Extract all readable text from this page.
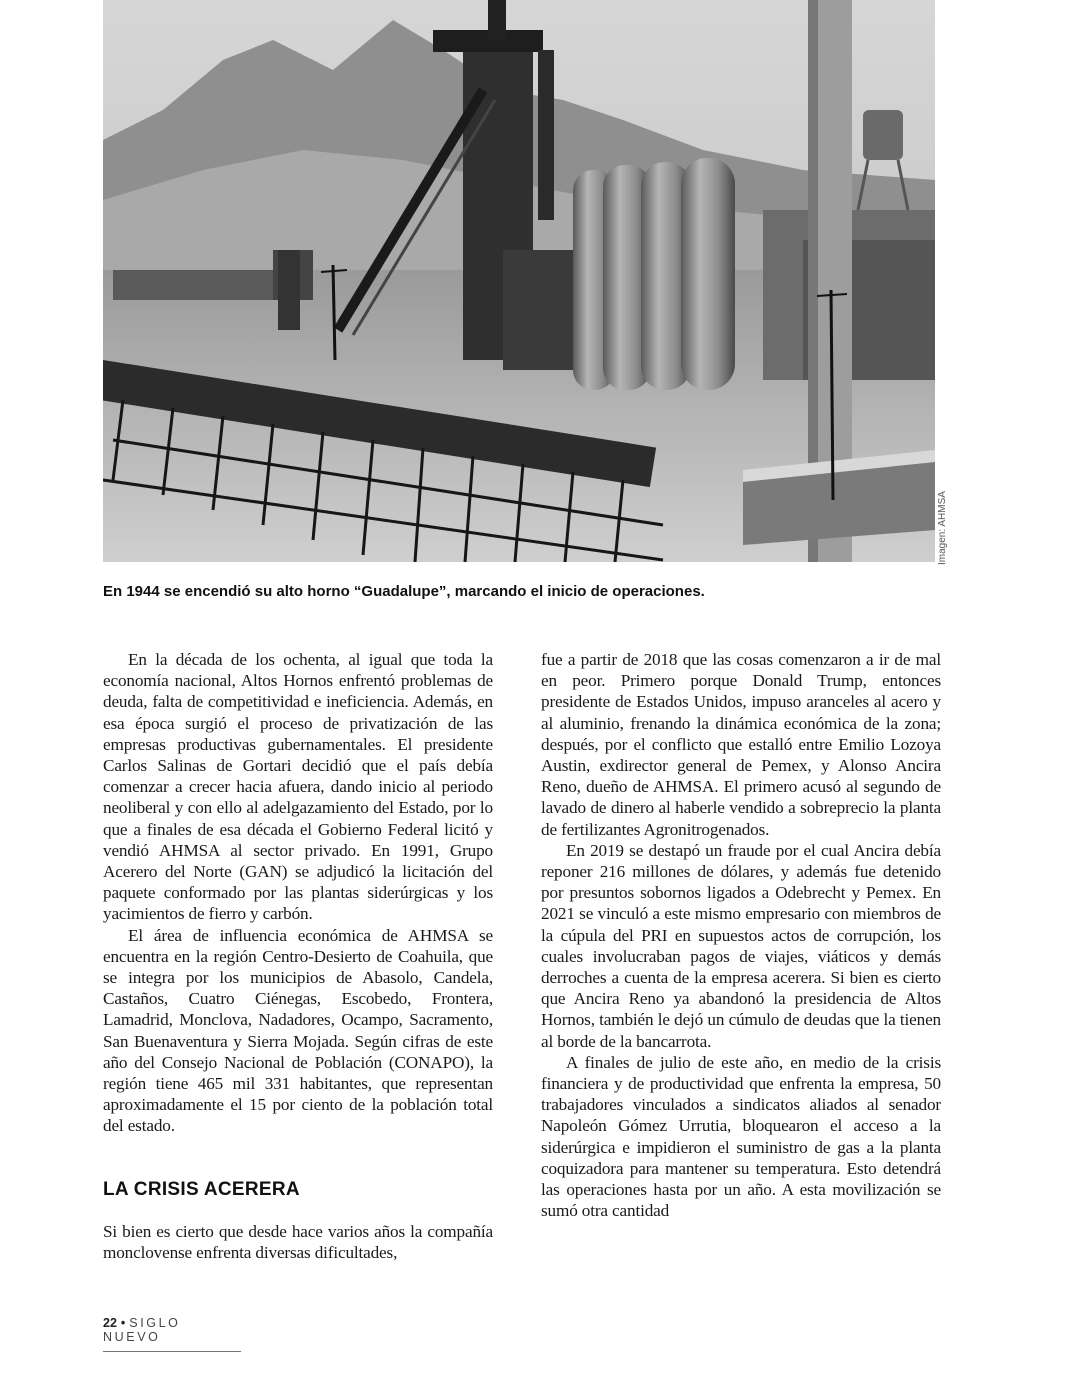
Imagen: AHMSA
En 1944 se encendió su alto horno “Guadalupe”, marcando el inicio de operaciones.

En la década de los ochenta, al igual que toda la economía nacional, Altos Hornos enfrentó problemas de deuda, falta de competitividad e ineficiencia. Además, en esa época surgió el proceso de privatización de las empresas productivas gubernamentales. El presidente Carlos Salinas de Gortari decidió que el país debía comenzar a crecer hacia afuera, dando inicio al periodo neoliberal y con ello al adelgazamiento del Estado, por lo que a finales de esa década el Gobierno Federal licitó y vendió AHMSA al sector privado. En 1991, Grupo Acerero del Norte (GAN) se adjudicó la licitación del paquete conformado por las plantas siderúrgicas y los yacimientos de fierro y carbón.

El área de influencia económica de AHMSA se encuentra en la región Centro-Desierto de Coahuila, que se integra por los municipios de Abasolo, Candela, Castaños, Cuatro Ciénegas, Escobedo, Frontera, Lamadrid, Monclova, Nadadores, Ocampo, Sacramento, San Buenaventura y Sierra Mojada. Según cifras de este año del Consejo Nacional de Población (CONAPO), la región tiene 465 mil 331 habitantes, que representan aproximadamente el 15 por ciento de la población total del estado.

LA CRISIS ACERERA

Si bien es cierto que desde hace varios años la compañía monclovense enfrenta diversas dificultades,

fue a partir de 2018 que las cosas comenzaron a ir de mal en peor. Primero porque Donald Trump, entonces presidente de Estados Unidos, impuso aranceles al acero y al aluminio, frenando la dinámica económica de la zona; después, por el conflicto que estalló entre Emilio Lozoya Austin, exdirector general de Pemex, y Alonso Ancira Reno, dueño de AHMSA. El primero acusó al segundo de lavado de dinero al haberle vendido a sobreprecio la planta de fertilizantes Agronitrogenados.

En 2019 se destapó un fraude por el cual Ancira debía reponer 216 millones de dólares, y además fue detenido por presuntos sobornos ligados a Odebrecht y Pemex. En 2021 se vinculó a este mismo empresario con miembros de la cúpula del PRI en supuestos actos de corrupción, los cuales involucraban pagos de viajes, viáticos y demás derroches a cuenta de la empresa acerera. Si bien es cierto que Ancira Reno ya abandonó la presidencia de Altos Hornos, también le dejó un cúmulo de deudas que la tienen al borde de la bancarrota.

A finales de julio de este año, en medio de la crisis financiera y de productividad que enfrenta la empresa, 50 trabajadores vinculados a sindicatos aliados al senador Napoleón Gómez Urrutia, bloquearon el acceso a la siderúrgica e impidieron el suministro de gas a la planta coquizadora para mantener su temperatura. Esto detendrá las operaciones hasta por un año. A esta movilización se sumó otra cantidad

22 • SIGLO NUEVO
